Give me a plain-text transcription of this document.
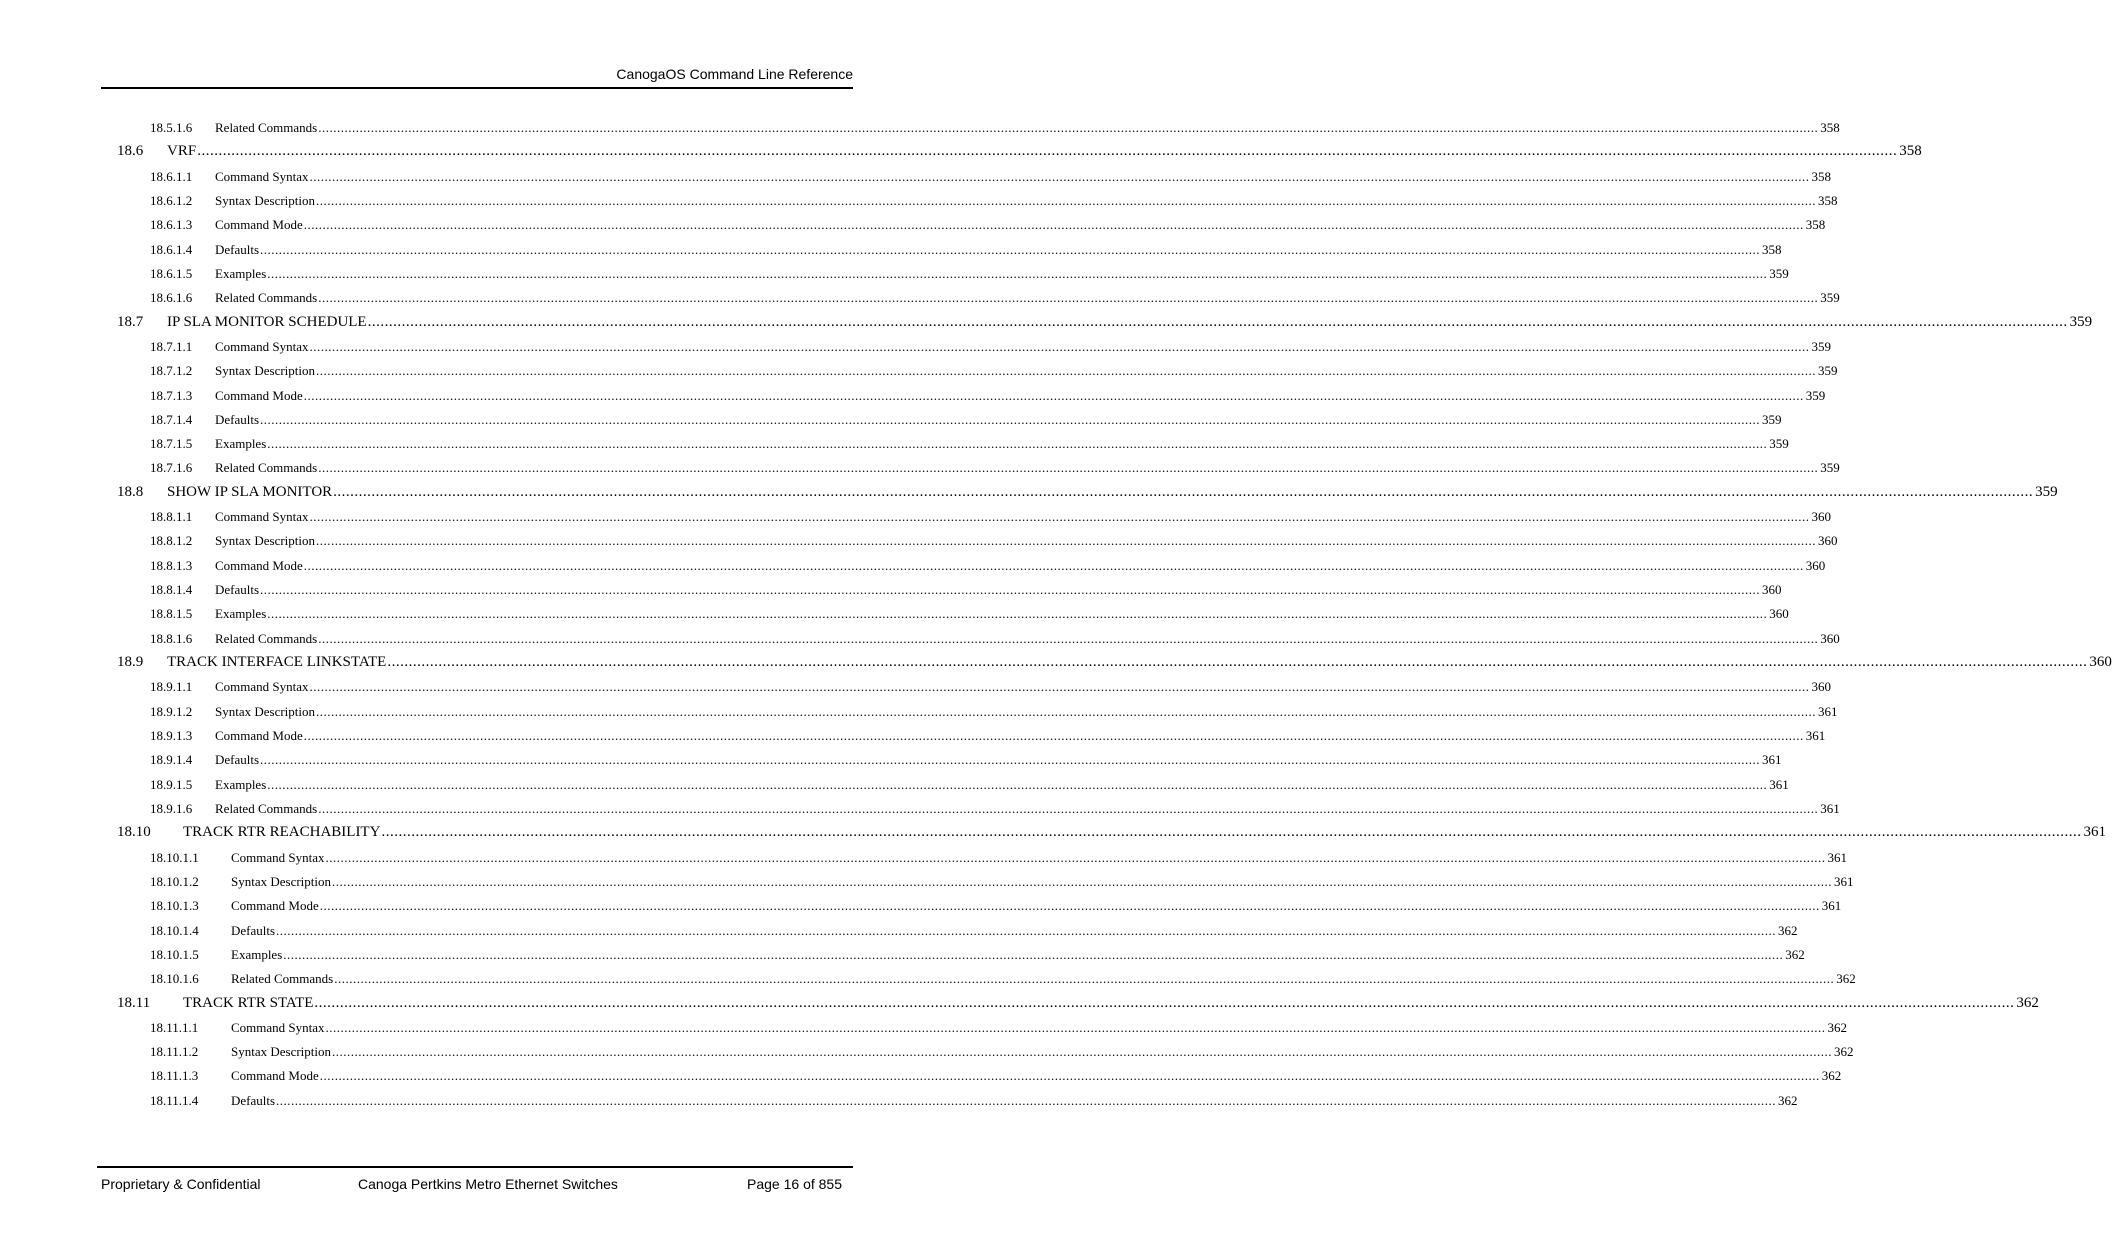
CanogaOS Command Line Reference
18.5.1.6	Related Commands ................................................................................................................................................................................................................................................................................................................................................................................................................ 358
18.6	VRF ................................................................................................................................................................................................................................................................................................................................................................................................................ 358
18.6.1.1	Command Syntax ................................................................................................................................................................................................................................................................................................................................................................................................................ 358
18.6.1.2	Syntax Description ................................................................................................................................................................................................................................................................................................................................................................................................................ 358
18.6.1.3	Command Mode ................................................................................................................................................................................................................................................................................................................................................................................................................ 358
18.6.1.4	Defaults ................................................................................................................................................................................................................................................................................................................................................................................................................ 358
18.6.1.5	Examples ................................................................................................................................................................................................................................................................................................................................................................................................................ 359
18.6.1.6	Related Commands ................................................................................................................................................................................................................................................................................................................................................................................................................ 359
18.7	IP SLA MONITOR SCHEDULE ................................................................................................................................................................................................................................................................................................................................................................................................................ 359
18.7.1.1	Command Syntax ................................................................................................................................................................................................................................................................................................................................................................................................................ 359
18.7.1.2	Syntax Description ................................................................................................................................................................................................................................................................................................................................................................................................................ 359
18.7.1.3	Command Mode ................................................................................................................................................................................................................................................................................................................................................................................................................ 359
18.7.1.4	Defaults ................................................................................................................................................................................................................................................................................................................................................................................................................ 359
18.7.1.5	Examples ................................................................................................................................................................................................................................................................................................................................................................................................................ 359
18.7.1.6	Related Commands ................................................................................................................................................................................................................................................................................................................................................................................................................ 359
18.8	SHOW IP SLA MONITOR ................................................................................................................................................................................................................................................................................................................................................................................................................ 359
18.8.1.1	Command Syntax ................................................................................................................................................................................................................................................................................................................................................................................................................ 360
18.8.1.2	Syntax Description ................................................................................................................................................................................................................................................................................................................................................................................................................ 360
18.8.1.3	Command Mode ................................................................................................................................................................................................................................................................................................................................................................................................................ 360
18.8.1.4	Defaults ................................................................................................................................................................................................................................................................................................................................................................................................................ 360
18.8.1.5	Examples ................................................................................................................................................................................................................................................................................................................................................................................................................ 360
18.8.1.6	Related Commands ................................................................................................................................................................................................................................................................................................................................................................................................................ 360
18.9	TRACK INTERFACE LINKSTATE ................................................................................................................................................................................................................................................................................................................................................................................................................ 360
18.9.1.1	Command Syntax ................................................................................................................................................................................................................................................................................................................................................................................................................ 360
18.9.1.2	Syntax Description ................................................................................................................................................................................................................................................................................................................................................................................................................ 361
18.9.1.3	Command Mode ................................................................................................................................................................................................................................................................................................................................................................................................................ 361
18.9.1.4	Defaults ................................................................................................................................................................................................................................................................................................................................................................................................................ 361
18.9.1.5	Examples ................................................................................................................................................................................................................................................................................................................................................................................................................ 361
18.9.1.6	Related Commands ................................................................................................................................................................................................................................................................................................................................................................................................................ 361
18.10	TRACK RTR REACHABILITY ................................................................................................................................................................................................................................................................................................................................................................................................................ 361
18.10.1.1	Command Syntax ................................................................................................................................................................................................................................................................................................................................................................................................................ 361
18.10.1.2	Syntax Description ................................................................................................................................................................................................................................................................................................................................................................................................................ 361
18.10.1.3	Command Mode ................................................................................................................................................................................................................................................................................................................................................................................................................ 361
18.10.1.4	Defaults ................................................................................................................................................................................................................................................................................................................................................................................................................ 362
18.10.1.5	Examples ................................................................................................................................................................................................................................................................................................................................................................................................................ 362
18.10.1.6	Related Commands ................................................................................................................................................................................................................................................................................................................................................................................................................ 362
18.11	TRACK RTR STATE ................................................................................................................................................................................................................................................................................................................................................................................................................ 362
18.11.1.1	Command Syntax ................................................................................................................................................................................................................................................................................................................................................................................................................ 362
18.11.1.2	Syntax Description ................................................................................................................................................................................................................................................................................................................................................................................................................ 362
18.11.1.3	Command Mode ................................................................................................................................................................................................................................................................................................................................................................................................................ 362
18.11.1.4	Defaults ................................................................................................................................................................................................................................................................................................................................................................................................................ 362
Proprietary & Confidential	Canoga Pertkins Metro Ethernet Switches	Page 16 of 855
